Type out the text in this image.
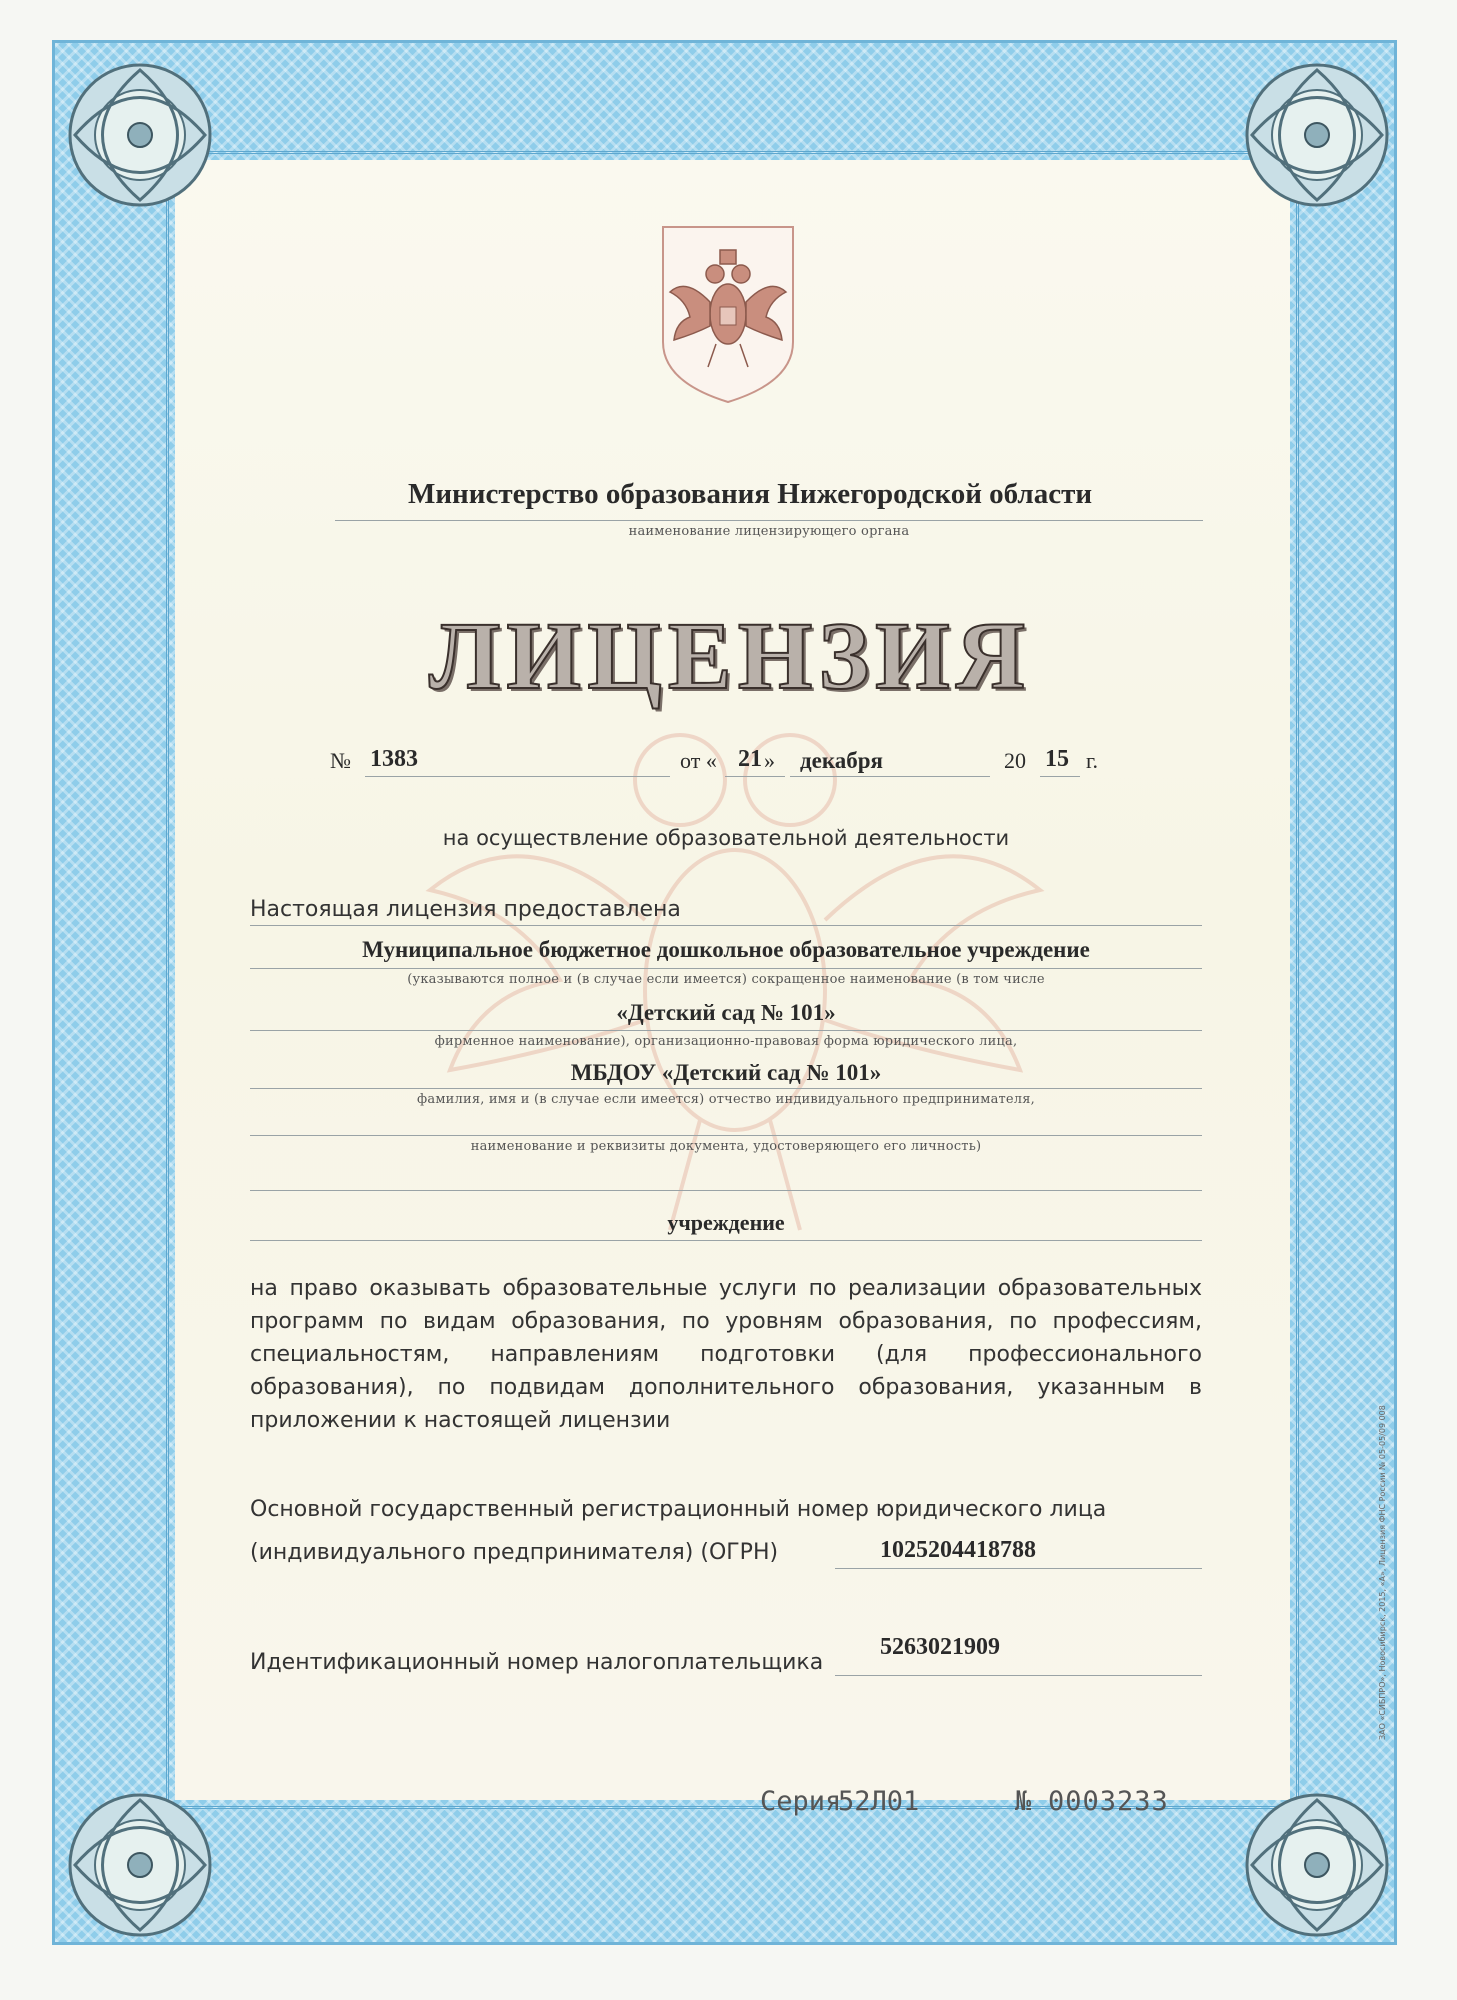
Министерство образования Нижегородской области
наименование лицензирующего органа
ЛИЦЕНЗИЯ
№ 1383	от « 21 » декабря	20 15 г.
на осуществление образовательной деятельности
Настоящая лицензия предоставлена
Муниципальное бюджетное дошкольное образовательное учреждение
(указываются полное и (в случае если имеется) сокращенное наименование (в том числе
«Детский сад № 101»
фирменное наименование), организационно-правовая форма юридического лица,
МБДОУ «Детский сад № 101»
фамилия, имя и (в случае если имеется) отчество индивидуального предпринимателя,
наименование и реквизиты документа, удостоверяющего его личность)
учреждение
на право оказывать образовательные услуги по реализации образовательных программ по видам образования, по уровням образования, по профессиям, специальностям, направлениям подготовки (для профессионального образования), по подвидам дополнительного образования, указанным в приложении к настоящей лицензии
Основной государственный регистрационный номер юридического лица
(индивидуального предпринимателя) (ОГРН)	1025204418788
Идентификационный номер налогоплательщика
5263021909
Серия
52Л01	№ 0003233
ЗАО «СИБПРО», Новосибирск, 2015, «А», Лицензия ФНС России № 05-05/09 008
